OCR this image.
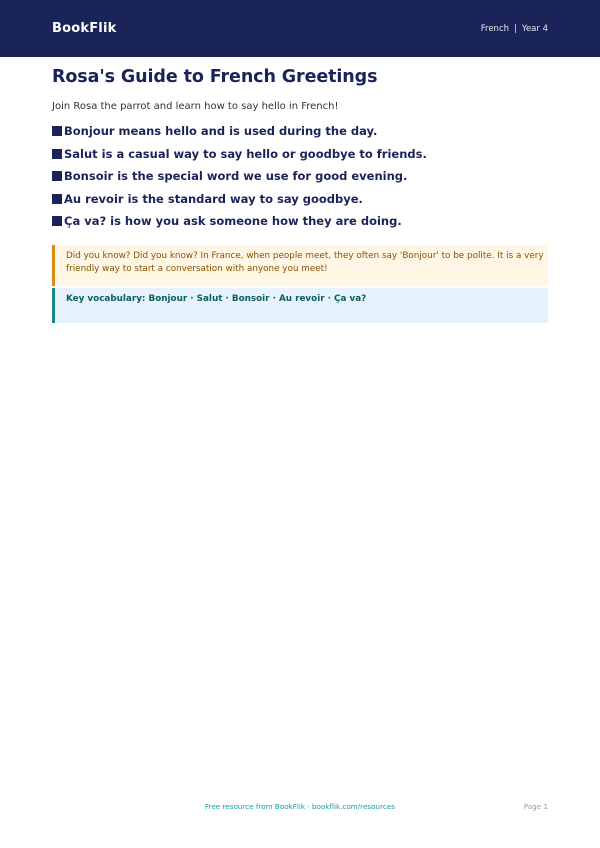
BookFlik	French | Year 4
Rosa's Guide to French Greetings

Join Rosa the parrot and learn how to say hello in French!

Bonjour means hello and is used during the day.
Salut is a casual way to say hello or goodbye to friends.
Bonsoir is the special word we use for good evening.
Au revoir is the standard way to say goodbye.
Ça va? is how you ask someone how they are doing.
Did you know? Did you know? In France, when people meet, they often say 'Bonjour' to be polite. It is a very friendly way to start a conversation with anyone you meet!
Key vocabulary: Bonjour · Salut · Bonsoir · Au revoir · Ça va?
Free resource from BookFlik · bookflik.com/resources	Page 1
